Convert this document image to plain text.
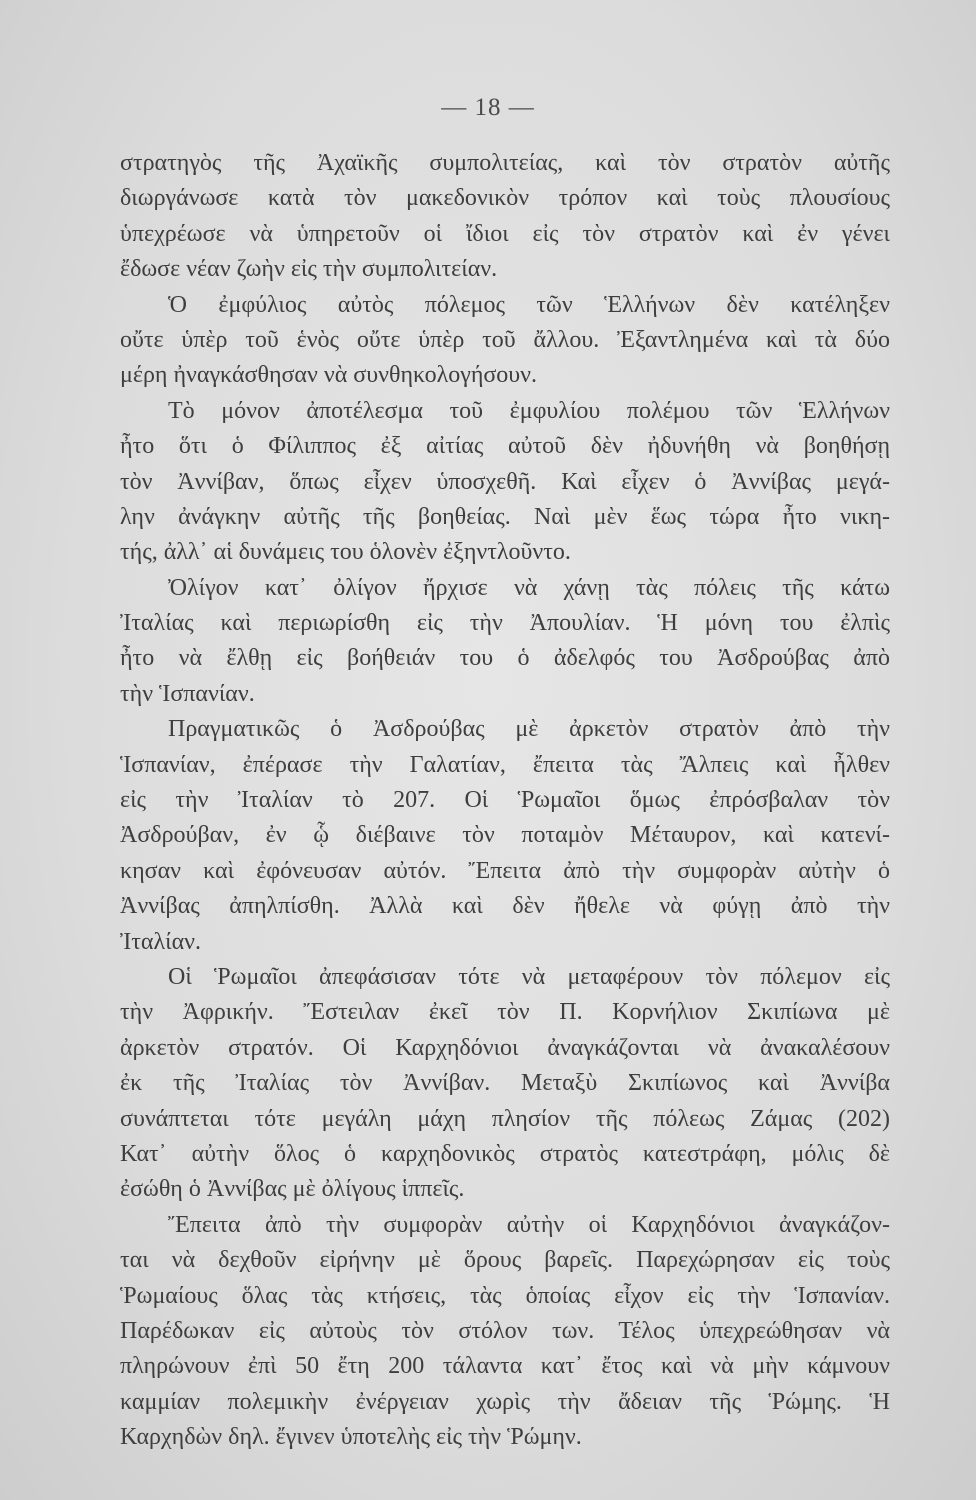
— 18 —
στρατηγὸς τῆς Ἀχαϊκῆς συμπολιτείας, καὶ τὸν στρατὸν αὐτῆς
διωργάνωσε κατὰ τὸν μακεδονικὸν τρόπον καὶ τοὺς πλουσίους
ὑπεχρέωσε νὰ ὑπηρετοῦν οἱ ἴδιοι εἰς τὸν στρατὸν καὶ ἐν γένει
ἔδωσε νέαν ζωὴν εἰς τὴν συμπολιτείαν.
Ὁ ἐμφύλιος αὐτὸς πόλεμος τῶν Ἑλλήνων δὲν κατέληξεν
οὔτε ὑπὲρ τοῦ ἑνὸς οὔτε ὑπὲρ τοῦ ἄλλου. Ἐξαντλημένα καὶ τὰ δύο
μέρη ἠναγκάσθησαν νὰ συνθηκολογήσουν.
Τὸ μόνον ἀποτέλεσμα τοῦ ἐμφυλίου πολέμου τῶν Ἑλλήνων
ἦτο ὅτι ὁ Φίλιππος ἐξ αἰτίας αὐτοῦ δὲν ἠδυνήθη νὰ βοηθήσῃ
τὸν Ἀννίβαν, ὅπως εἶχεν ὑποσχεθῆ. Καὶ εἶχεν ὁ Ἀννίβας μεγά-
λην ἀνάγκην αὐτῆς τῆς βοηθείας. Ναὶ μὲν ἕως τώρα ἦτο νικη-
τής, ἀλλ᾽ αἱ δυνάμεις του ὁλονὲν ἐξηντλοῦντο.
Ὀλίγον κατ᾽ ὀλίγον ἤρχισε νὰ χάνῃ τὰς πόλεις τῆς κάτω
Ἰταλίας καὶ περιωρίσθη εἰς τὴν Ἀπουλίαν. Ἡ μόνη του ἐλπὶς
ἦτο νὰ ἔλθῃ εἰς βοήθειάν του ὁ ἀδελφός του Ἀσδρούβας ἀπὸ
τὴν Ἱσπανίαν.
Πραγματικῶς ὁ Ἀσδρούβας μὲ ἀρκετὸν στρατὸν ἀπὸ τὴν
Ἱσπανίαν, ἐπέρασε τὴν Γαλατίαν, ἔπειτα τὰς Ἄλπεις καὶ ἦλθεν
εἰς τὴν Ἰταλίαν τὸ 207. Οἱ Ῥωμαῖοι ὅμως ἐπρόσβαλαν τὸν
Ἀσδρούβαν, ἐν ᾧ διέβαινε τὸν ποταμὸν Μέταυρον, καὶ κατενί-
κησαν καὶ ἐφόνευσαν αὐτόν. Ἔπειτα ἀπὸ τὴν συμφορὰν αὐτὴν ὁ
Ἀννίβας ἀπηλπίσθη. Ἀλλὰ καὶ δὲν ἤθελε νὰ φύγῃ ἀπὸ τὴν
Ἰταλίαν.
Οἱ Ῥωμαῖοι ἀπεφάσισαν τότε νὰ μεταφέρουν τὸν πόλεμον εἰς
τὴν Ἀφρικήν. Ἔστειλαν ἐκεῖ τὸν Π. Κορνήλιον Σκιπίωνα μὲ
ἀρκετὸν στρατόν. Οἱ Καρχηδόνιοι ἀναγκάζονται νὰ ἀνακαλέσουν
ἐκ τῆς Ἰταλίας τὸν Ἀννίβαν. Μεταξὺ Σκιπίωνος καὶ Ἀννίβα
συνάπτεται τότε μεγάλη μάχη πλησίον τῆς πόλεως Ζάμας (202)
Κατ᾽ αὐτὴν ὅλος ὁ καρχηδονικὸς στρατὸς κατεστράφη, μόλις δὲ
ἐσώθη ὁ Ἀννίβας μὲ ὀλίγους ἱππεῖς.
Ἔπειτα ἀπὸ τὴν συμφορὰν αὐτὴν οἱ Καρχηδόνιοι ἀναγκάζον-
ται νὰ δεχθοῦν εἰρήνην μὲ ὅρους βαρεῖς. Παρεχώρησαν εἰς τοὺς
Ῥωμαίους ὅλας τὰς κτήσεις, τὰς ὁποίας εἶχον εἰς τὴν Ἱσπανίαν.
Παρέδωκαν εἰς αὐτοὺς τὸν στόλον των. Τέλος ὑπεχρεώθησαν νὰ
πληρώνουν ἐπὶ 50 ἔτη 200 τάλαντα κατ᾽ ἔτος καὶ νὰ μὴν κάμνουν
καμμίαν πολεμικὴν ἐνέργειαν χωρὶς τὴν ἄδειαν τῆς Ῥώμης. Ἡ
Καρχηδὼν δηλ. ἔγινεν ὑποτελὴς εἰς τὴν Ῥώμην.
